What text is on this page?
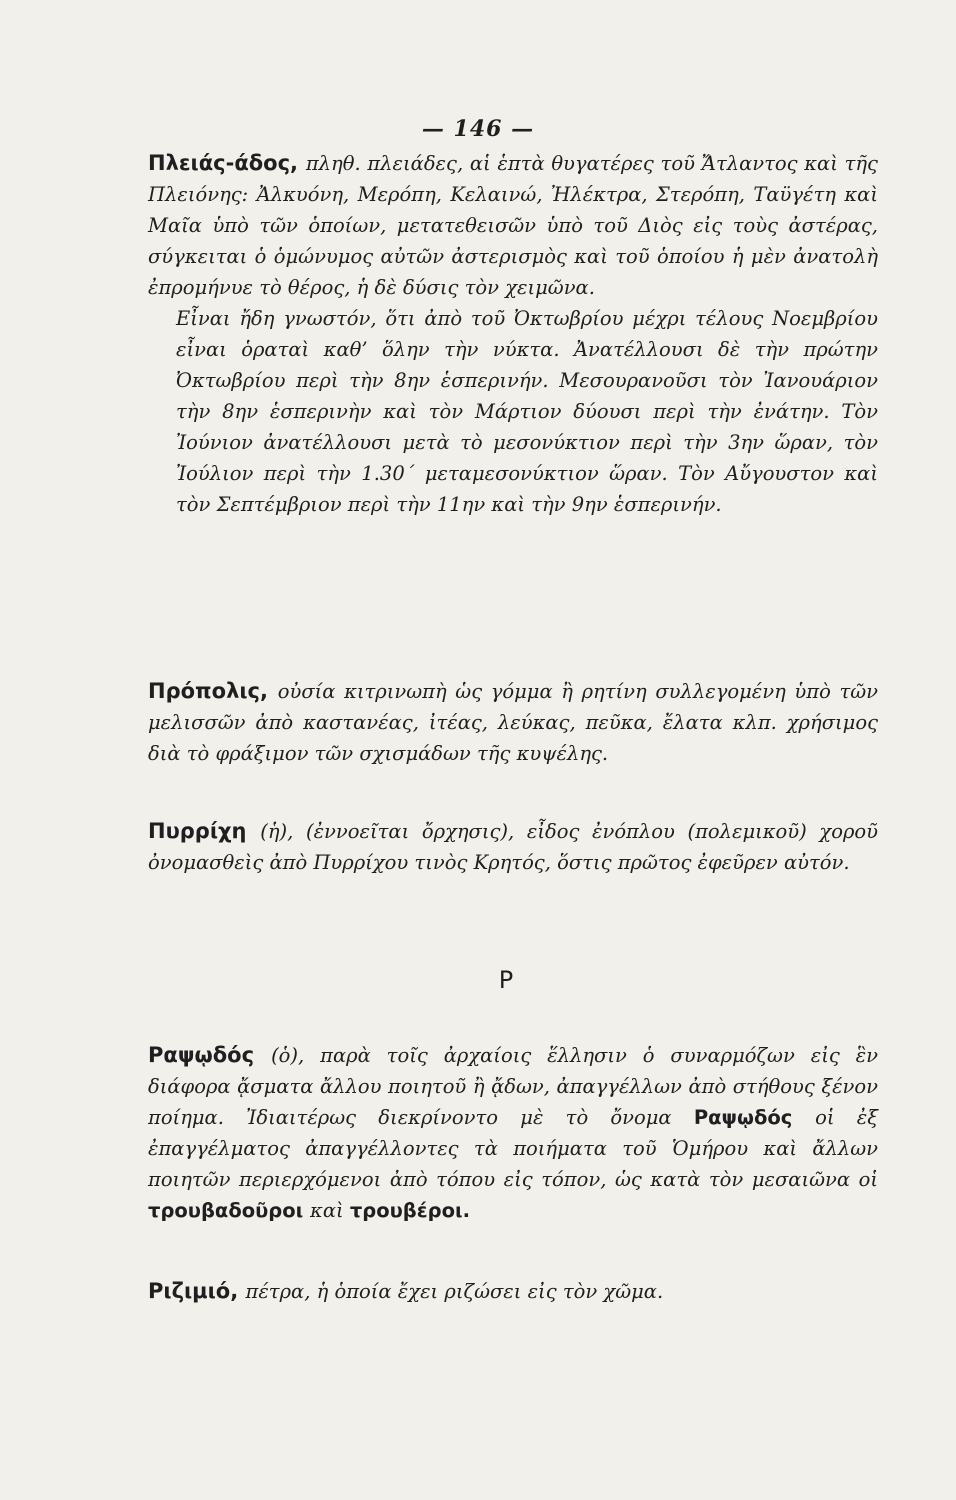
— 146 —
Πλειάς-άδος, πληθ. πλειάδες, αἱ ἑπτὰ θυγατέρες τοῦ Ἄτλαντος καὶ τῆς Πλειόνης: Ἀλκυόνη, Μερόπη, Κελαινώ, Ἠλέκτρα, Στερόπη, Ταϋγέτη καὶ Μαῖα ὑπὸ τῶν ὁποίων, μετατεθεισῶν ὑπὸ τοῦ Διὸς εἰς τοὺς ἀστέρας, σύγκειται ὁ ὁμώνυμος αὐτῶν ἀστερισμὸς καὶ τοῦ ὁποίου ἡ μὲν ἀνατολὴ ἐπρομήνυε τὸ θέρος, ἡ δὲ δύσις τὸν χειμῶνα.
Εἶναι ἤδη γνωστόν, ὅτι ἀπὸ τοῦ Ὀκτωβρίου μέχρι τέλους Νοεμβρίου εἶναι ὁραταὶ καθ’ ὅλην τὴν νύκτα. Ἀνατέλλουσι δὲ τὴν πρώτην Ὀκτωβρίου περὶ τὴν 8ην ἑσπερινήν. Μεσουρανοῦσι τὸν Ἰανουάριον τὴν 8ην ἑσπερινὴν καὶ τὸν Μάρτιον δύουσι περὶ τὴν ἐνάτην. Τὸν Ἰούνιον ἀνατέλλουσι μετὰ τὸ μεσονύκτιον περὶ τὴν 3ην ὥραν, τὸν Ἰούλιον περὶ τὴν 1.30΄ μεταμεσονύκτιον ὥραν. Τὸν Αὔγουστον καὶ τὸν Σεπτέμβριον περὶ τὴν 11ην καὶ τὴν 9ην ἑσπερινήν.
Πρόπολις, οὐσία κιτρινωπὴ ὡς γόμμα ἢ ρητίνη συλλεγομένη ὑπὸ τῶν μελισσῶν ἀπὸ καστανέας, ἰτέας, λεύκας, πεῦκα, ἔλατα κλπ. χρήσιμος διὰ τὸ φράξιμον τῶν σχισμάδων τῆς κυψέλης.
Πυρρίχη (ἡ), (ἐννοεῖται ὄρχησις), εἶδος ἐνόπλου (πολεμικοῦ) χοροῦ ὀνομασθεὶς ἀπὸ Πυρρίχου τινὸς Κρητός, ὅστις πρῶτος ἐφεῦρεν αὐτόν.
Ρ
Ραψῳδός (ὁ), παρὰ τοῖς ἀρχαίοις ἕλλησιν ὁ συναρμόζων εἰς ἓν διάφορα ᾄσματα ἄλλου ποιητοῦ ἢ ᾄδων, ἀπαγγέλλων ἀπὸ στήθους ξένον ποίημα. Ἰδιαιτέρως διεκρίνοντο μὲ τὸ ὄνομα Ραψῳδός οἱ ἐξ ἐπαγγέλματος ἀπαγγέλλοντες τὰ ποιήματα τοῦ Ὁμήρου καὶ ἄλλων ποιητῶν περιερχόμενοι ἀπὸ τόπου εἰς τόπον, ὡς κατὰ τὸν μεσαιῶνα οἱ τρουβαδοῦροι καὶ τρουβέροι.
Ριζιμιό, πέτρα, ἡ ὁποία ἔχει ριζώσει εἰς τὸν χῶμα.
